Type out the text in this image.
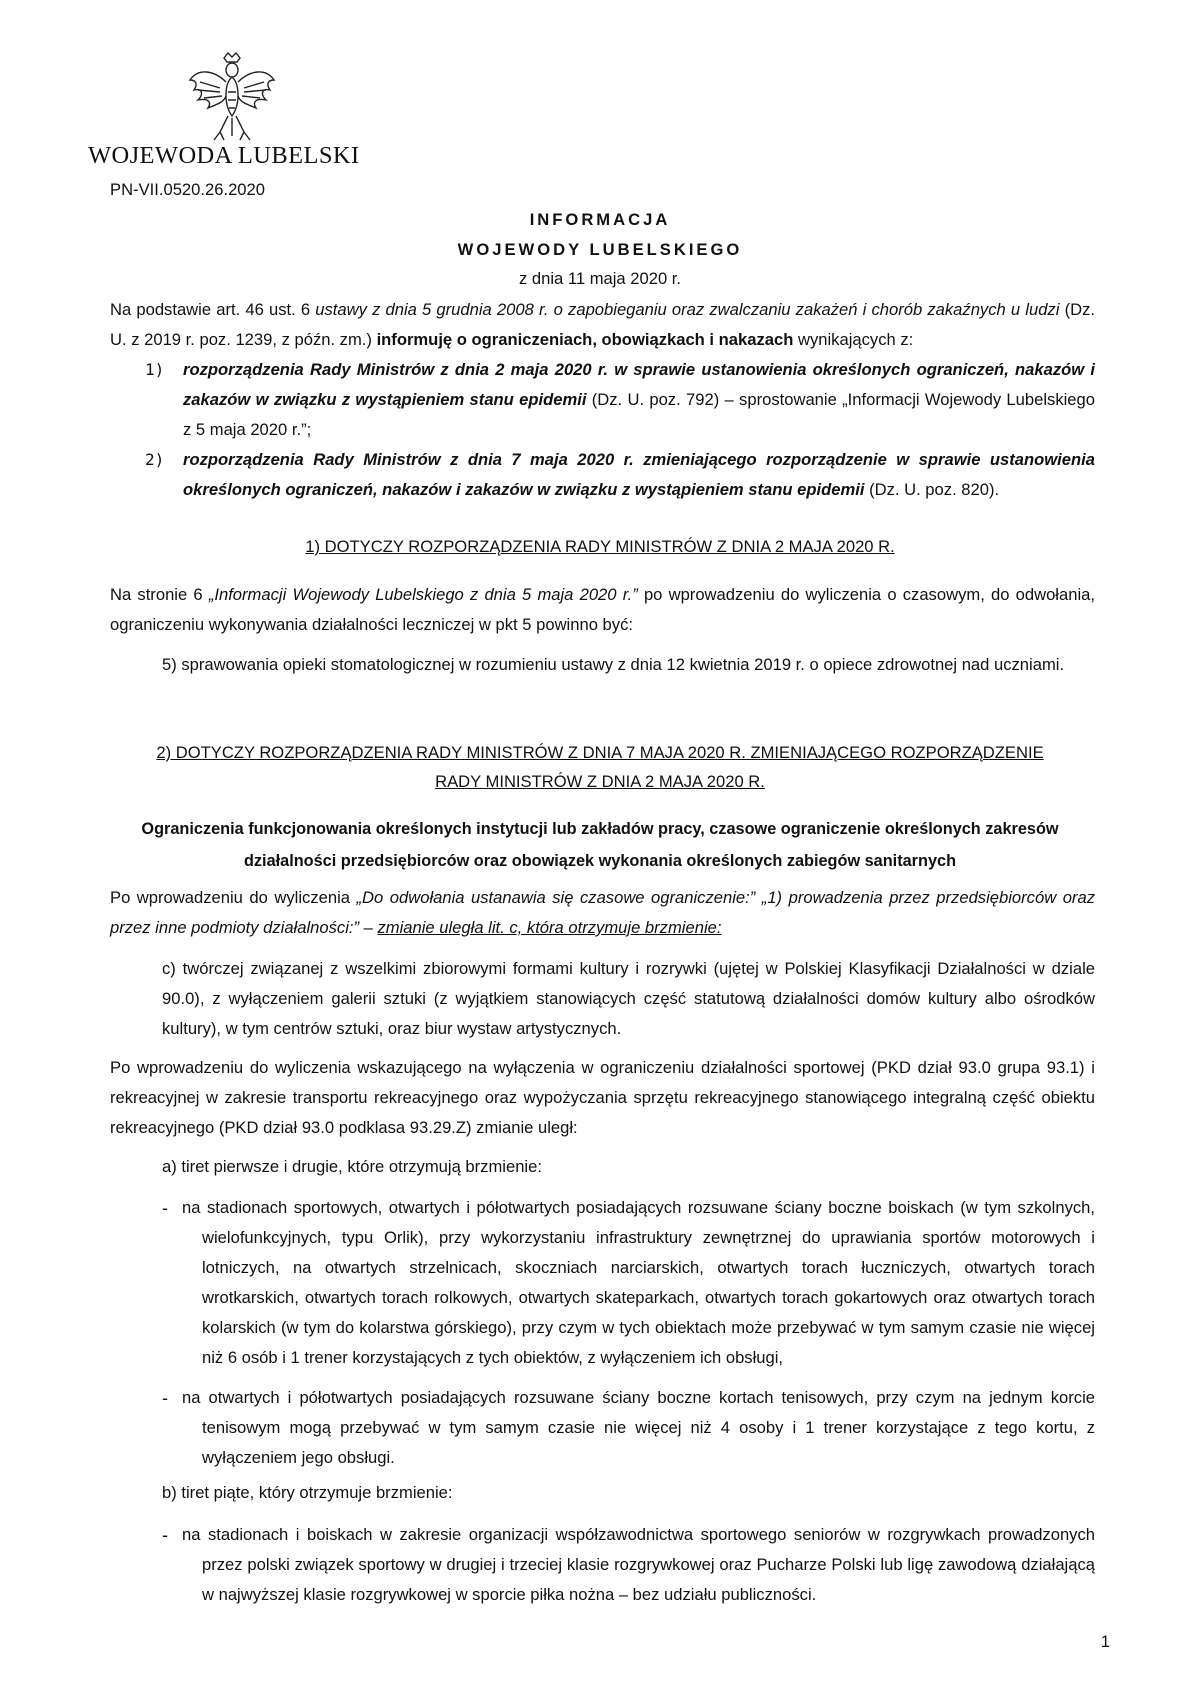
WOJEWODA LUBELSKI
PN-VII.0520.26.2020
INFORMACJA
WOJEWODY LUBELSKIEGO
z dnia 11 maja 2020 r.

Na podstawie art. 46 ust. 6 ustawy z dnia 5 grudnia 2008 r. o zapobieganiu oraz zwalczaniu zakażeń i chorób zakaźnych u ludzi (Dz. U. z 2019 r. poz. 1239, z późn. zm.) informuję o ograniczeniach, obowiązkach i nakazach wynikających z:

1) rozporządzenia Rady Ministrów z dnia 2 maja 2020 r. w sprawie ustanowienia określonych ograniczeń, nakazów i zakazów w związku z wystąpieniem stanu epidemii (Dz. U. poz. 792) – sprostowanie „Informacji Wojewody Lubelskiego z 5 maja 2020 r.”;
2) rozporządzenia Rady Ministrów z dnia 7 maja 2020 r. zmieniającego rozporządzenie w sprawie ustanowienia określonych ograniczeń, nakazów i zakazów w związku z wystąpieniem stanu epidemii (Dz. U. poz. 820).
1) DOTYCZY ROZPORZĄDZENIA RADY MINISTRÓW Z DNIA 2 MAJA 2020 R.

Na stronie 6 „Informacji Wojewody Lubelskiego z dnia 5 maja 2020 r.” po wprowadzeniu do wyliczenia o czasowym, do odwołania, ograniczeniu wykonywania działalności leczniczej w pkt 5 powinno być:

5) sprawowania opieki stomatologicznej w rozumieniu ustawy z dnia 12 kwietnia 2019 r. o opiece zdrowotnej nad uczniami.

2) DOTYCZY ROZPORZĄDZENIA RADY MINISTRÓW Z DNIA 7 MAJA 2020 R. ZMIENIAJĄCEGO ROZPORZĄDZENIE
RADY MINISTRÓW Z DNIA 2 MAJA 2020 R.
Ograniczenia funkcjonowania określonych instytucji lub zakładów pracy, czasowe ograniczenie określonych zakresów działalności przedsiębiorców oraz obowiązek wykonania określonych zabiegów sanitarnych

Po wprowadzeniu do wyliczenia „Do odwołania ustanawia się czasowe ograniczenie:” „1) prowadzenia przez przedsiębiorców oraz przez inne podmioty działalności:” – zmianie uległa lit. c, która otrzymuje brzmienie:

c) twórczej związanej z wszelkimi zbiorowymi formami kultury i rozrywki (ujętej w Polskiej Klasyfikacji Działalności w dziale 90.0), z wyłączeniem galerii sztuki (z wyjątkiem stanowiących część statutową działalności domów kultury albo ośrodków kultury), w tym centrów sztuki, oraz biur wystaw artystycznych.

Po wprowadzeniu do wyliczenia wskazującego na wyłączenia w ograniczeniu działalności sportowej (PKD dział 93.0 grupa 93.1) i rekreacyjnej w zakresie transportu rekreacyjnego oraz wypożyczania sprzętu rekreacyjnego stanowiącego integralną część obiektu rekreacyjnego (PKD dział 93.0 podklasa 93.29.Z) zmianie uległ:

a) tiret pierwsze i drugie, które otrzymują brzmienie:
- na stadionach sportowych, otwartych i półotwartych posiadających rozsuwane ściany boczne boiskach (w tym szkolnych, wielofunkcyjnych, typu Orlik), przy wykorzystaniu infrastruktury zewnętrznej do uprawiania sportów motorowych i lotniczych, na otwartych strzelnicach, skoczniach narciarskich, otwartych torach łuczniczych, otwartych torach wrotkarskich, otwartych torach rolkowych, otwartych skateparkach, otwartych torach gokartowych oraz otwartych torach kolarskich (w tym do kolarstwa górskiego), przy czym w tych obiektach może przebywać w tym samym czasie nie więcej niż 6 osób i 1 trener korzystających z tych obiektów, z wyłączeniem ich obsługi,
- na otwartych i półotwartych posiadających rozsuwane ściany boczne kortach tenisowych, przy czym na jednym korcie tenisowym mogą przebywać w tym samym czasie nie więcej niż 4 osoby i 1 trener korzystające z tego kortu, z wyłączeniem jego obsługi.
b) tiret piąte, który otrzymuje brzmienie:
- na stadionach i boiskach w zakresie organizacji współzawodnictwa sportowego seniorów w rozgrywkach prowadzonych przez polski związek sportowy w drugiej i trzeciej klasie rozgrywkowej oraz Pucharze Polski lub ligę zawodową działającą w najwyższej klasie rozgrywkowej w sporcie piłka nożna – bez udziału publiczności.
1
